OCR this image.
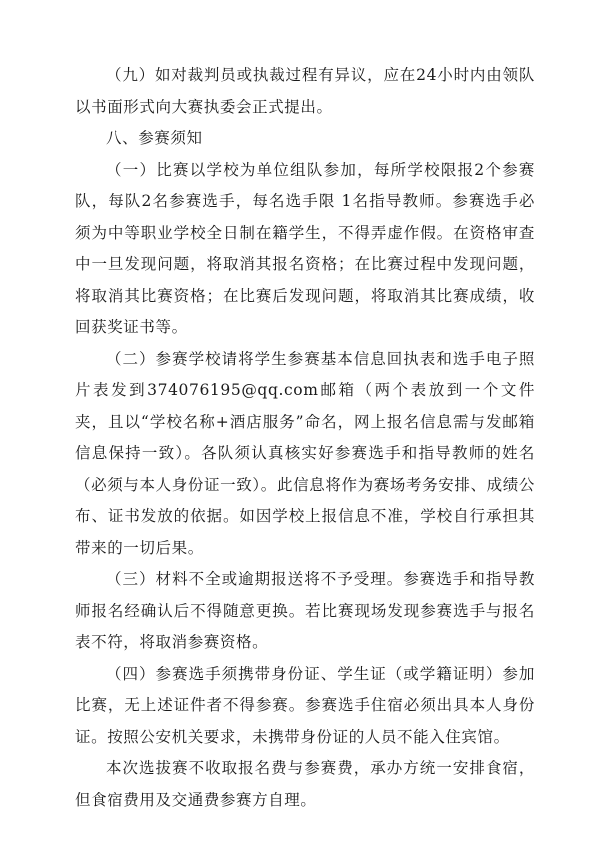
（九）如对裁判员或执裁过程有异议，应在24小时内由领队以书面形式向大赛执委会正式提出。

八、参赛须知

（一）比赛以学校为单位组队参加，每所学校限报2个参赛队，每队2名参赛选手，每名选手限 1名指导教师。参赛选手必须为中等职业学校全日制在籍学生，不得弄虚作假。在资格审查中一旦发现问题，将取消其报名资格；在比赛过程中发现问题，将取消其比赛资格；在比赛后发现问题，将取消其比赛成绩，收回获奖证书等。

（二）参赛学校请将学生参赛基本信息回执表和选手电子照片表发到374076195@qq.com邮箱（两个表放到一个文件夹，且以“学校名称+酒店服务”命名，网上报名信息需与发邮箱信息保持一致）。各队须认真核实好参赛选手和指导教师的姓名（必须与本人身份证一致）。此信息将作为赛场考务安排、成绩公布、证书发放的依据。如因学校上报信息不准，学校自行承担其带来的一切后果。

（三）材料不全或逾期报送将不予受理。参赛选手和指导教师报名经确认后不得随意更换。若比赛现场发现参赛选手与报名表不符，将取消参赛资格。

（四）参赛选手须携带身份证、学生证（或学籍证明）参加比赛，无上述证件者不得参赛。参赛选手住宿必须出具本人身份证。按照公安机关要求，未携带身份证的人员不能入住宾馆。

本次选拔赛不收取报名费与参赛费，承办方统一安排食宿，但食宿费用及交通费参赛方自理。
